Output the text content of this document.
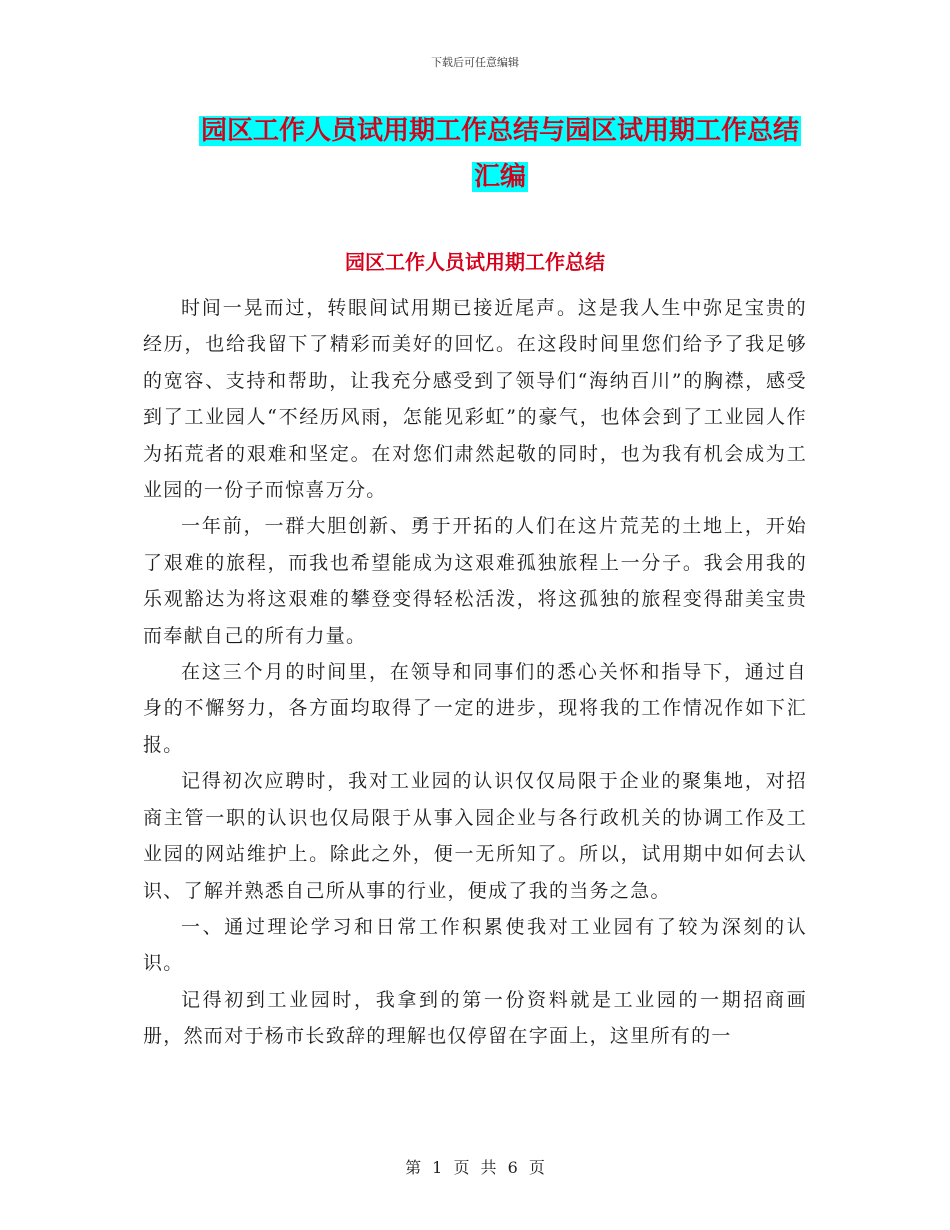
下载后可任意编辑
园区工作人员试用期工作总结与园区试用期工作总结
汇编
园区工作人员试用期工作总结

时间一晃而过，转眼间试用期已接近尾声。这是我人生中弥足宝贵的经历，也给我留下了精彩而美好的回忆。在这段时间里您们给予了我足够的宽容、支持和帮助，让我充分感受到了领导们“海纳百川”的胸襟，感受到了工业园人“不经历风雨，怎能见彩虹”的豪气，也体会到了工业园人作为拓荒者的艰难和坚定。在对您们肃然起敬的同时，也为我有机会成为工业园的一份子而惊喜万分。

一年前，一群大胆创新、勇于开拓的人们在这片荒芜的土地上，开始了艰难的旅程，而我也希望能成为这艰难孤独旅程上一分子。我会用我的乐观豁达为将这艰难的攀登变得轻松活泼，将这孤独的旅程变得甜美宝贵而奉献自己的所有力量。

在这三个月的时间里，在领导和同事们的悉心关怀和指导下，通过自身的不懈努力，各方面均取得了一定的进步，现将我的工作情况作如下汇报。

记得初次应聘时，我对工业园的认识仅仅局限于企业的聚集地，对招商主管一职的认识也仅局限于从事入园企业与各行政机关的协调工作及工业园的网站维护上。除此之外，便一无所知了。所以，试用期中如何去认识、了解并熟悉自己所从事的行业，便成了我的当务之急。

一、通过理论学习和日常工作积累使我对工业园有了较为深刻的认识。

记得初到工业园时，我拿到的第一份资料就是工业园的一期招商画册，然而对于杨市长致辞的理解也仅停留在字面上，这里所有的一

第 1 页 共 6 页
